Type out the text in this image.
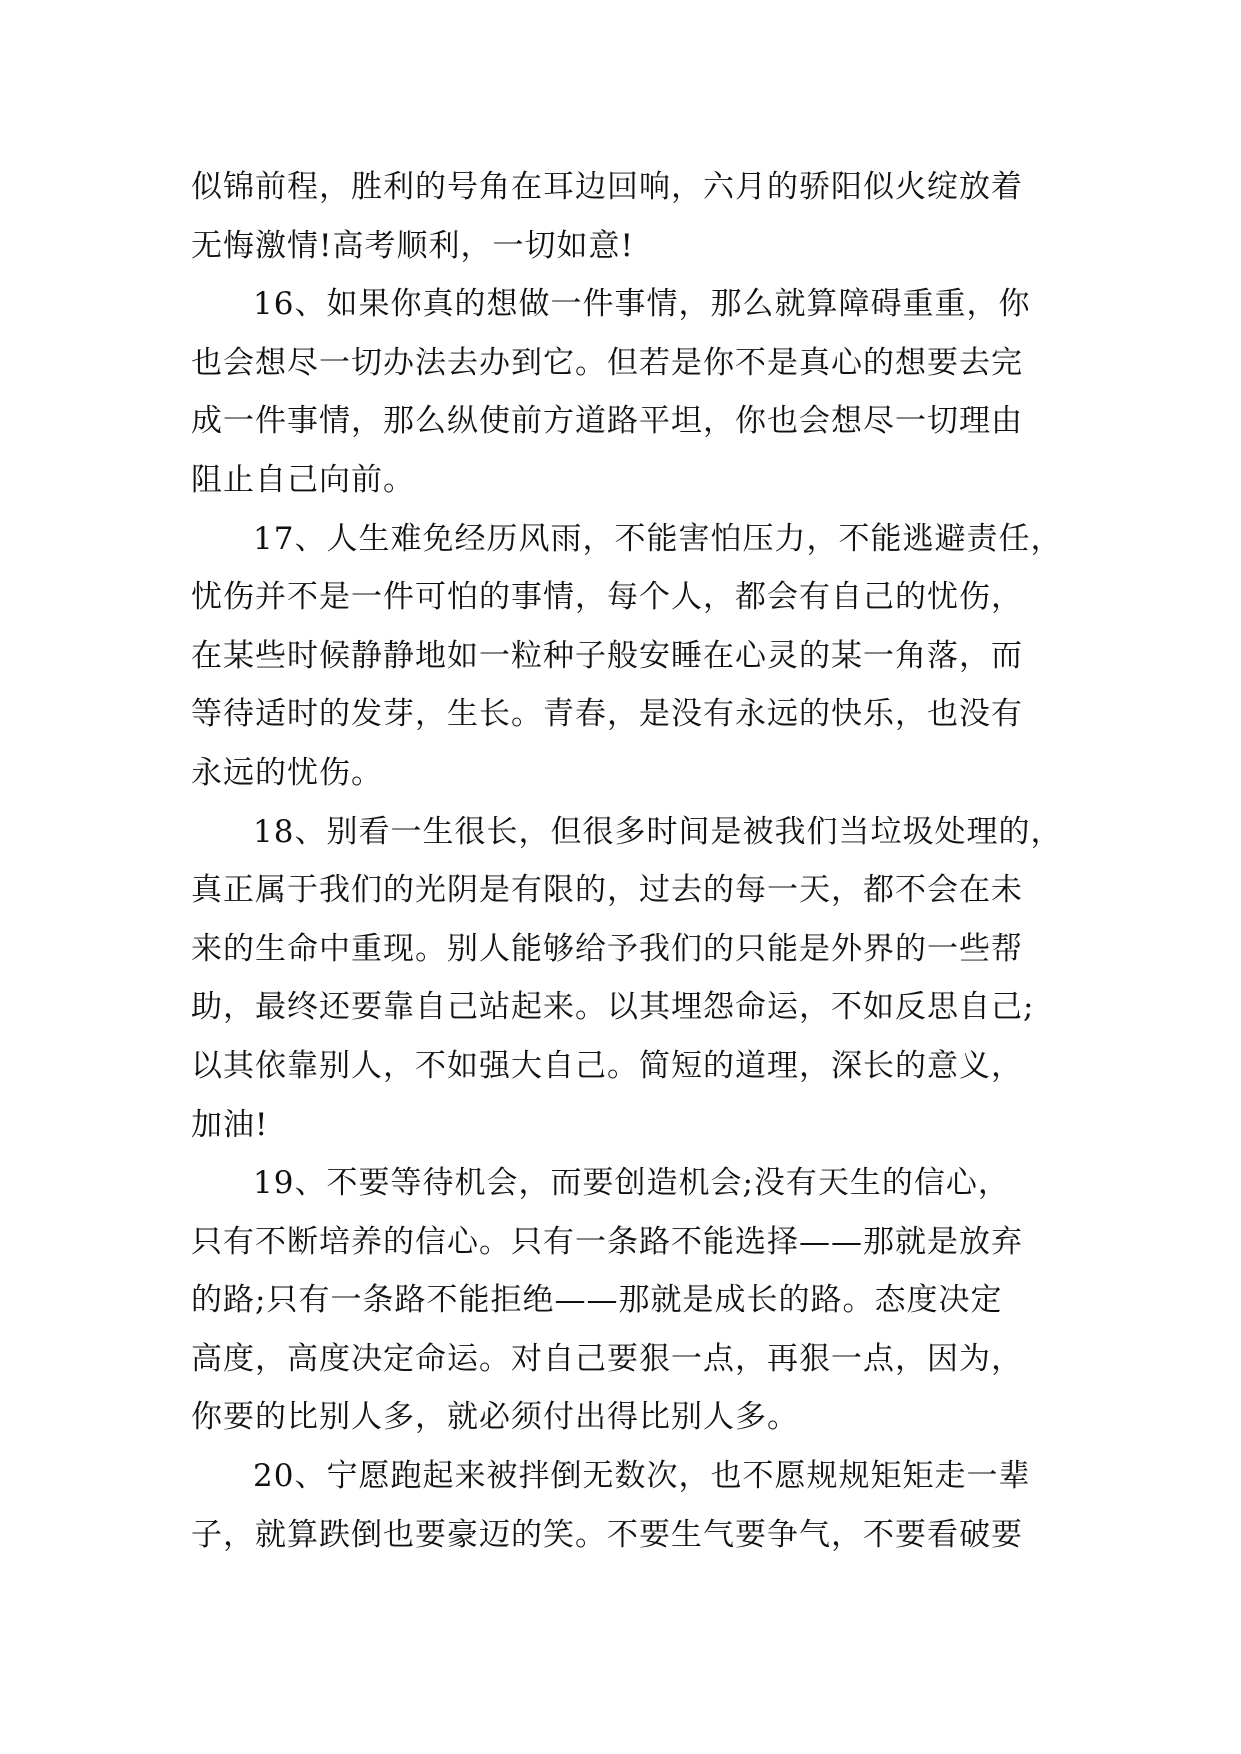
似锦前程，胜利的号角在耳边回响，六月的骄阳似火绽放着
无悔激情!高考顺利，一切如意!
16、如果你真的想做一件事情，那么就算障碍重重，你
也会想尽一切办法去办到它。但若是你不是真心的想要去完
成一件事情，那么纵使前方道路平坦，你也会想尽一切理由
阻止自己向前。
17、人生难免经历风雨，不能害怕压力，不能逃避责任，
忧伤并不是一件可怕的事情，每个人，都会有自己的忧伤，
在某些时候静静地如一粒种子般安睡在心灵的某一角落，而
等待适时的发芽，生长。青春，是没有永远的快乐，也没有
永远的忧伤。
18、别看一生很长，但很多时间是被我们当垃圾处理的，
真正属于我们的光阴是有限的，过去的每一天，都不会在未
来的生命中重现。别人能够给予我们的只能是外界的一些帮
助，最终还要靠自己站起来。以其埋怨命运，不如反思自己;
以其依靠别人，不如强大自己。简短的道理，深长的意义，
加油!
19、不要等待机会，而要创造机会;没有天生的信心，
只有不断培养的信心。只有一条路不能选择——那就是放弃
的路;只有一条路不能拒绝——那就是成长的路。态度决定
高度，高度决定命运。对自己要狠一点，再狠一点，因为，
你要的比别人多，就必须付出得比别人多。
20、宁愿跑起来被拌倒无数次，也不愿规规矩矩走一辈
子，就算跌倒也要豪迈的笑。不要生气要争气，不要看破要
